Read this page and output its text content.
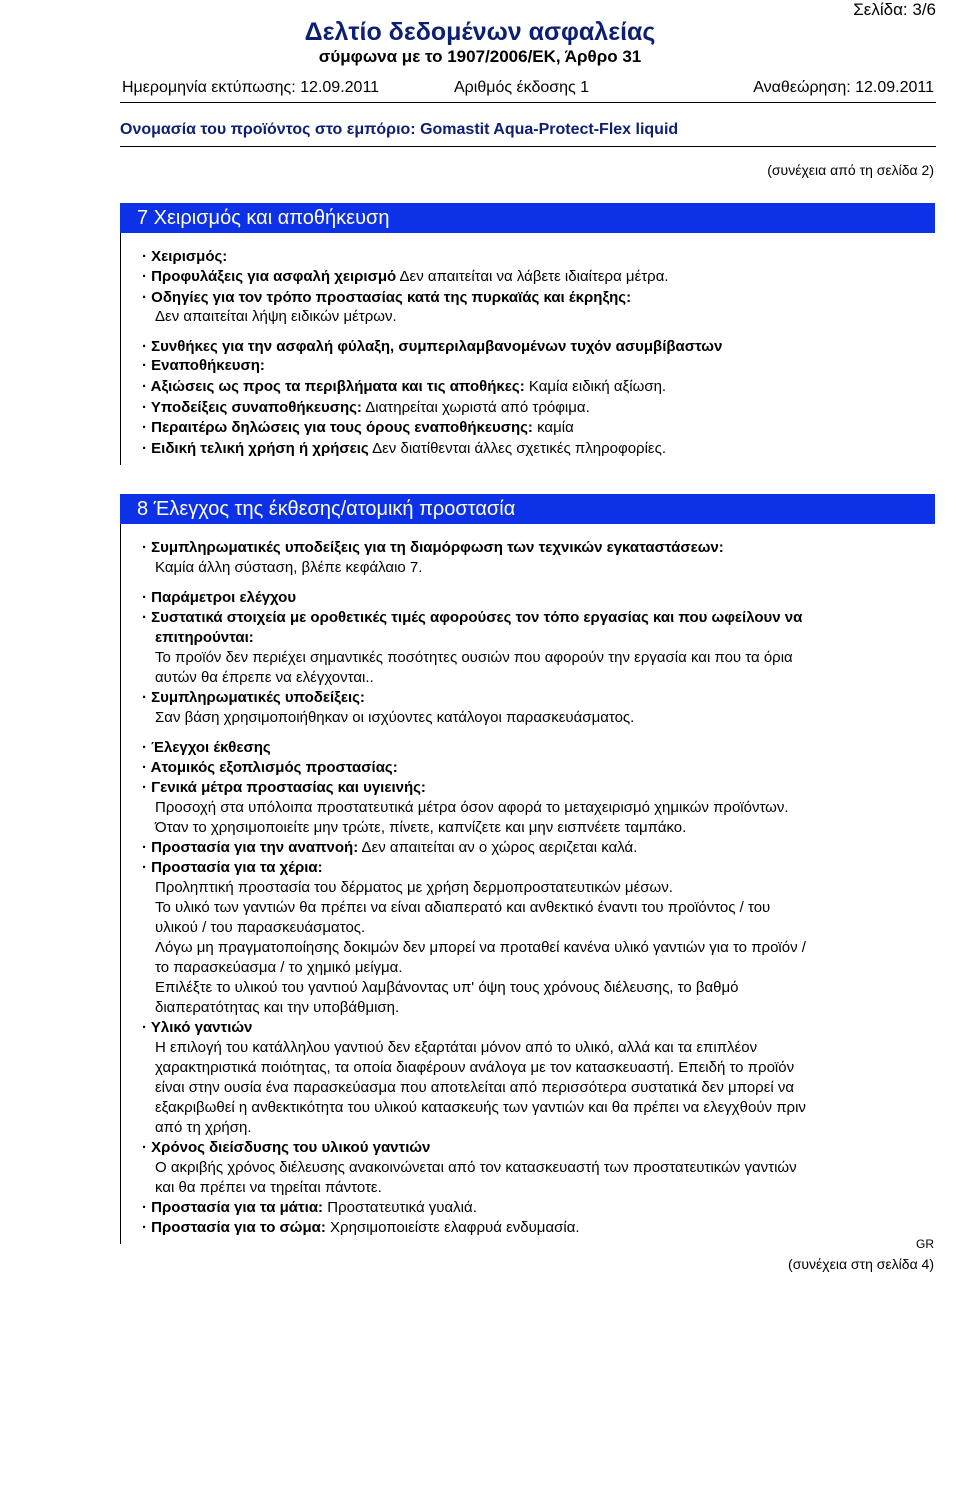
Σελίδα: 3/6
Δελτίο δεδομένων ασφαλείας
σύμφωνα με το 1907/2006/ΕΚ, Άρθρο 31
Ημερομηνία εκτύπωσης: 12.09.2011	Αριθμός έκδοσης 1	Αναθεώρηση: 12.09.2011
Ονομασία του προϊόντος στο εμπόριο: Gomastit Aqua-Protect-Flex liquid
(συνέχεια από τη σελίδα 2)
7 Χειρισμός και αποθήκευση
· Χειρισμός:
· Προφυλάξεις για ασφαλή χειρισμό Δεν απαιτείται να λάβετε ιδιαίτερα μέτρα.
· Οδηγίες για τον τρόπο προστασίας κατά της πυρκαϊάς και έκρηξης:
Δεν απαιτείται λήψη ειδικών μέτρων.
· Συνθήκες για την ασφαλή φύλαξη, συμπεριλαμβανομένων τυχόν ασυμβίβαστων
· Εναποθήκευση:
· Αξιώσεις ως προς τα περιβλήματα και τις αποθήκες: Καμία ειδική αξίωση.
· Υποδείξεις συναποθήκευσης: Διατηρείται χωριστά από τρόφιμα.
· Περαιτέρω δηλώσεις για τους όρους εναποθήκευσης: καμία
· Ειδική τελική χρήση ή χρήσεις Δεν διατίθενται άλλες σχετικές πληροφορίες.
8 Έλεγχος της έκθεσης/ατομική προστασία
· Συμπληρωματικές υποδείξεις για τη διαμόρφωση των τεχνικών εγκαταστάσεων:
Καμία άλλη σύσταση, βλέπε κεφάλαιο 7.
· Παράμετροι ελέγχου
· Συστατικά στοιχεία με οροθετικές τιμές αφορούσες τον τόπο εργασίας και που ωφείλουν να
επιτηρούνται:
Το προϊόν δεν περιέχει σημαντικές ποσότητες ουσιών που αφορούν την εργασία και που τα όρια
αυτών θα έπρεπε να ελέγχονται..
· Συμπληρωματικές υποδείξεις:
Σαν βάση χρησιμοποιήθηκαν οι ισχύοντες κατάλογοι παρασκευάσματος.
· Έλεγχοι έκθεσης
· Ατομικός εξοπλισμός προστασίας:
· Γενικά μέτρα προστασίας και υγιεινής:
Προσοχή στα υπόλοιπα προστατευτικά μέτρα όσον αφορά το μεταχειρισμό χημικών προϊόντων.
Όταν το χρησιμοποιείτε μην τρώτε, πίνετε, καπνίζετε και μην εισπνέετε ταμπάκο.
· Προστασία για την αναπνοή: Δεν απαιτείται αν ο χώρος αεριζεται καλά.
· Προστασία για τα χέρια:
Προληπτική προστασία του δέρματος με χρήση δερμοπροστατευτικών μέσων.
Το υλικό των γαντιών θα πρέπει να είναι αδιαπερατό και ανθεκτικό έναντι του προϊόντος / του
υλικού / του παρασκευάσματος.
Λόγω μη πραγματοποίησης δοκιμών δεν μπορεί να προταθεί κανένα υλικό γαντιών για το προϊόν /
το παρασκεύασμα / το χημικό μείγμα.
Επιλέξτε το υλικού του γαντιού λαμβάνοντας υπ' όψη τους χρόνους διέλευσης, το βαθμό
διαπερατότητας και την υποβάθμιση.
· Υλικό γαντιών
Η επιλογή του κατάλληλου γαντιού δεν εξαρτάται μόνον από το υλικό, αλλά και τα επιπλέον
χαρακτηριστικά ποιότητας, τα οποία διαφέρουν ανάλογα με τον κατασκευαστή. Επειδή το προϊόν
είναι στην ουσία ένα παρασκεύασμα που αποτελείται από περισσότερα συστατικά δεν μπορεί να
εξακριβωθεί η ανθεκτικότητα του υλικού κατασκευής των γαντιών και θα πρέπει να ελεγχθούν πριν
από τη χρήση.
· Χρόνος διείσδυσης του υλικού γαντιών
Ο ακριβής χρόνος διέλευσης ανακοινώνεται από τον κατασκευαστή των προστατευτικών γαντιών
και θα πρέπει να τηρείται πάντοτε.
· Προστασία για τα μάτια: Προστατευτικά γυαλιά.
· Προστασία για το σώμα: Χρησιμοποιείστε ελαφρυά ενδυμασία.
GR
(συνέχεια στη σελίδα 4)
